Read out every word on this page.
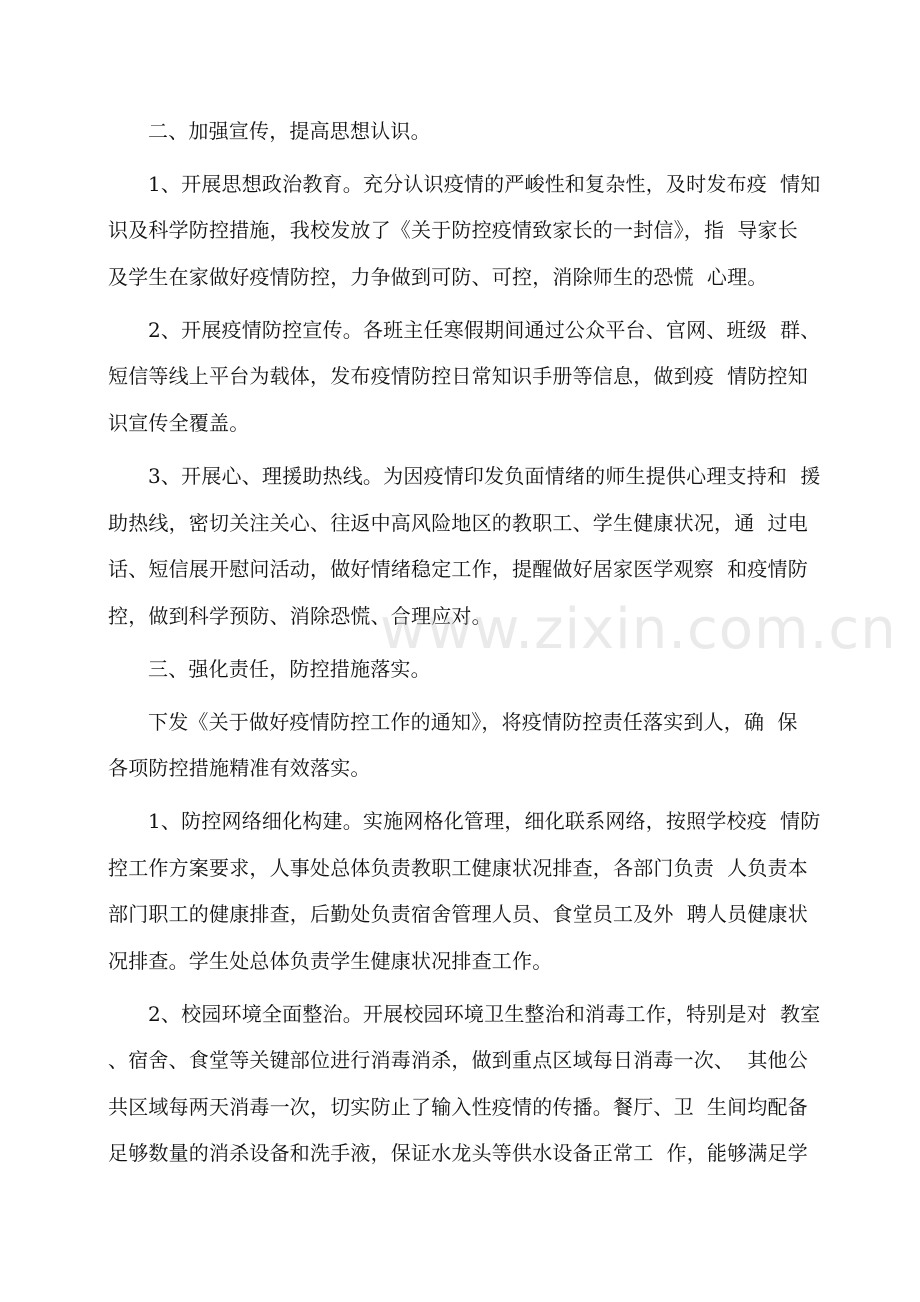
二、加强宣传，提高思想认识。
1、开展思想政治教育。充分认识疫情的严峻性和复杂性，及时发布疫  情知
识及科学防控措施，我校发放了《关于防控疫情致家长的一封信》，指  导家长
及学生在家做好疫情防控，力争做到可防、可控，消除师生的恐慌  心理。
2、开展疫情防控宣传。各班主任寒假期间通过公众平台、官网、班级  群、
短信等线上平台为载体，发布疫情防控日常知识手册等信息，做到疫  情防控知
识宣传全覆盖。
3、开展心、理援助热线。为因疫情印发负面情绪的师生提供心理支持和  援
助热线，密切关注关心、往返中高风险地区的教职工、学生健康状况，通  过电
话、短信展开慰问活动，做好情绪稳定工作，提醒做好居家医学观察  和疫情防
控，做到科学预防、消除恐慌、合理应对。
三、强化责任，防控措施落实。
下发《关于做好疫情防控工作的通知》，将疫情防控责任落实到人，确  保
各项防控措施精准有效落实。
1、防控网络细化构建。实施网格化管理，细化联系网络，按照学校疫  情防
控工作方案要求，人事处总体负责教职工健康状况排查，各部门负责  人负责本
部门职工的健康排查，后勤处负责宿舍管理人员、食堂员工及外  聘人员健康状
况排查。学生处总体负责学生健康状况排查工作。
2、校园环境全面整治。开展校园环境卫生整治和消毒工作，特别是对  教室
、宿舍、食堂等关键部位进行消毒消杀，做到重点区域每日消毒一次、  其他公
共区域每两天消毒一次，切实防止了输入性疫情的传播。餐厅、卫  生间均配备
足够数量的消杀设备和洗手液，保证水龙头等供水设备正常工  作，能够满足学
www.zixin.com.cn
